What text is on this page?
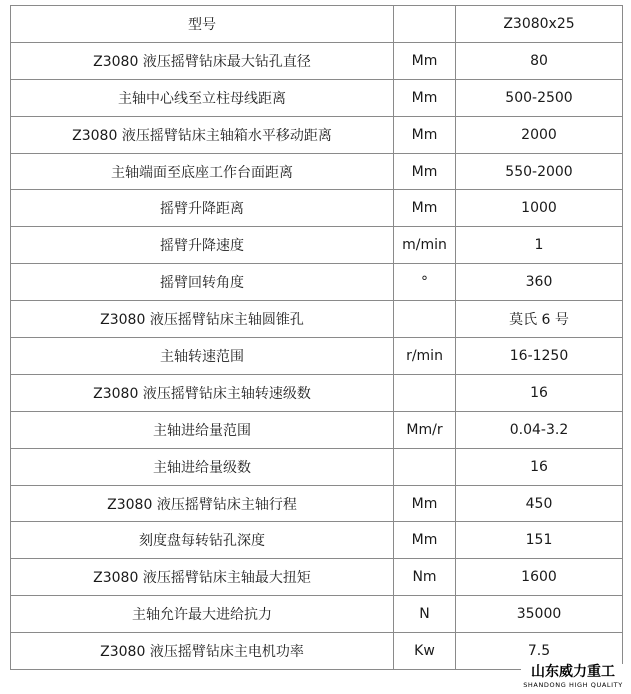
型号		Z3080x25
Z3080 液压摇臂钻床最大钻孔直径	Mm	80
主轴中心线至立柱母线距离	Mm	500-2500
Z3080 液压摇臂钻床主轴箱水平移动距离	Mm	2000
主轴端面至底座工作台面距离	Mm	550-2000
摇臂升降距离	Mm	1000
摇臂升降速度	m/min	1
摇臂回转角度	°	360
Z3080 液压摇臂钻床主轴圆锥孔		莫氏 6 号
主轴转速范围	r/min	16-1250
Z3080 液压摇臂钻床主轴转速级数		16
主轴进给量范围	Mm/r	0.04-3.2
主轴进给量级数		16
Z3080 液压摇臂钻床主轴行程	Mm	450
刻度盘每转钻孔深度	Mm	151
Z3080 液压摇臂钻床主轴最大扭矩	Nm	1600
主轴允许最大进给抗力	N	35000
Z3080 液压摇臂钻床主电机功率	Kw	7.5
山东威力重工
SHANDONG HIGH QUALITY
